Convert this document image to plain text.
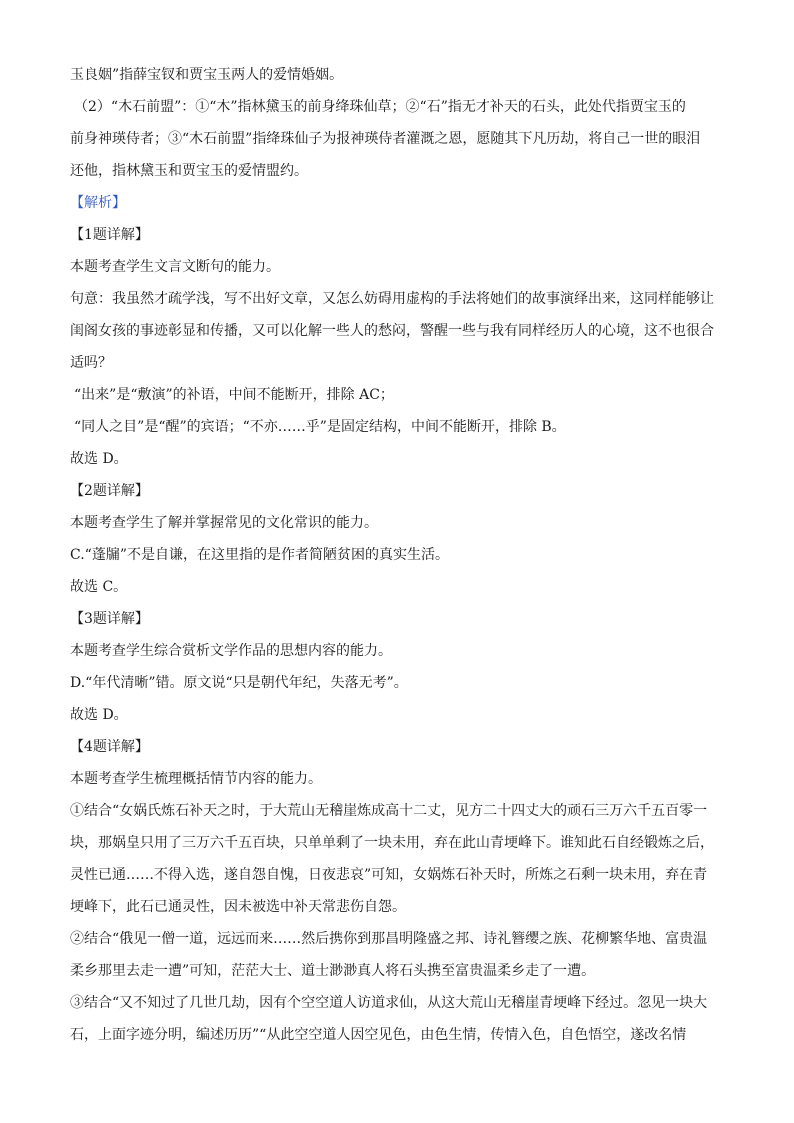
玉良姻”指薛宝钗和贾宝玉两人的爱情婚姻。
（2）“木石前盟”：①“木”指林黛玉的前身绛珠仙草；②“石”指无才补天的石头，此处代指贾宝玉的
前身神瑛侍者；③“木石前盟”指绛珠仙子为报神瑛侍者灌溉之恩，愿随其下凡历劫，将自己一世的眼泪
还他，指林黛玉和贾宝玉的爱情盟约。
【解析】
【1题详解】
本题考查学生文言文断句的能力。
句意：我虽然才疏学浅，写不出好文章，又怎么妨碍用虚构的手法将她们的故事演绎出来，这同样能够让
闺阁女孩的事迹彰显和传播，又可以化解一些人的愁闷，警醒一些与我有同样经历人的心境，这不也很合
适吗？
“出来”是“敷演”的补语，中间不能断开，排除 AC；
“同人之目”是“醒”的宾语；“不亦……乎”是固定结构，中间不能断开，排除 B。
故选 D。
【2题详解】
本题考查学生了解并掌握常见的文化常识的能力。
C.“蓬牖”不是自谦，在这里指的是作者简陋贫困的真实生活。
故选 C。
【3题详解】
本题考查学生综合赏析文学作品的思想内容的能力。
D.“年代清晰”错。原文说“只是朝代年纪，失落无考”。
故选 D。
【4题详解】
本题考查学生梳理概括情节内容的能力。
①结合“女娲氏炼石补天之时，于大荒山无稽崖炼成高十二丈，见方二十四丈大的顽石三万六千五百零一
块，那娲皇只用了三万六千五百块，只单单剩了一块未用，弃在此山青埂峰下。谁知此石自经锻炼之后，
灵性已通……不得入选，遂自怨自愧，日夜悲哀”可知，女娲炼石补天时，所炼之石剩一块未用，弃在青
埂峰下，此石已通灵性，因未被选中补天常悲伤自怨。
②结合“俄见一僧一道，远远而来……然后携你到那昌明隆盛之邦、诗礼簪缨之族、花柳繁华地、富贵温
柔乡那里去走一遭”可知，茫茫大士、道士渺渺真人将石头携至富贵温柔乡走了一遭。
③结合“又不知过了几世几劫，因有个空空道人访道求仙，从这大荒山无稽崖青埂峰下经过。忽见一块大
石，上面字迹分明，编述历历”“从此空空道人因空见色，由色生情，传情入色，自色悟空，遂改名情
